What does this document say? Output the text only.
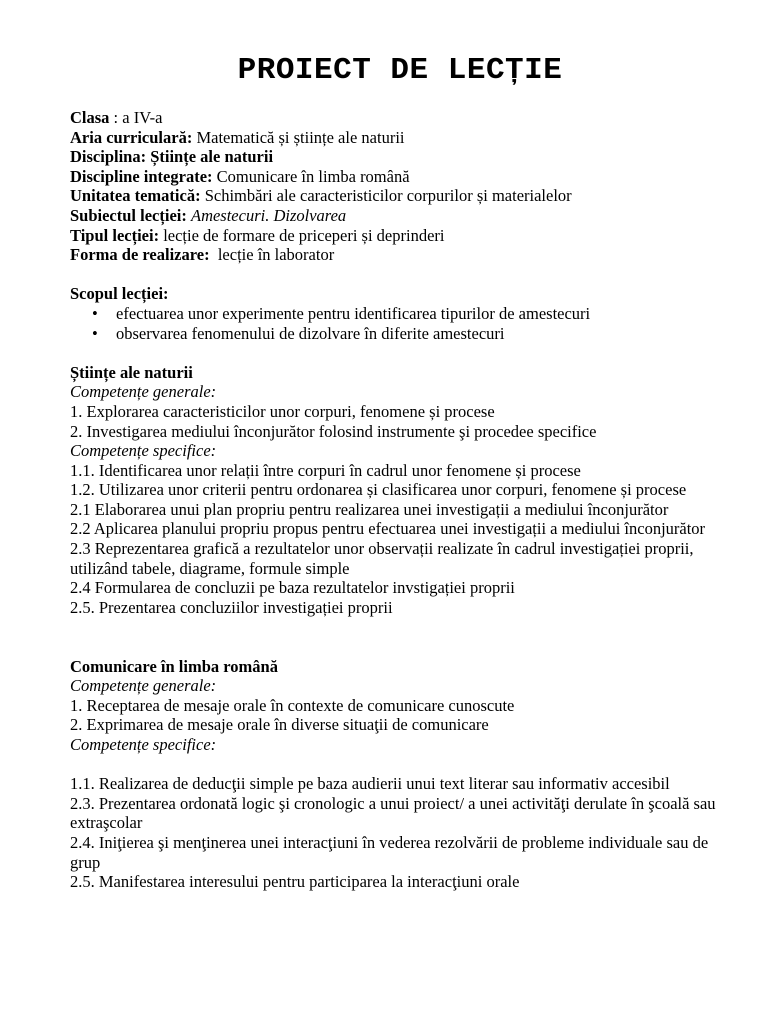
PROIECT DE LECȚIE
Clasa : a IV-a
Aria curriculară: Matematică și științe ale naturii
Disciplina: Științe ale naturii
Discipline integrate: Comunicare în limba română
Unitatea tematică: Schimbări ale caracteristicilor corpurilor și materialelor
Subiectul lecției: Amestecuri. Dizolvarea
Tipul lecției: lecție de formare de priceperi și deprinderi
Forma de realizare: lecție în laborator
Scopul lecției:
• efectuarea unor experimente pentru identificarea tipurilor de amestecuri
• observarea fenomenului de dizolvare în diferite amestecuri
Științe ale naturii
Competențe generale:
1. Explorarea caracteristicilor unor corpuri, fenomene și procese
2. Investigarea mediului înconjurător folosind instrumente şi procedee specifice
Competențe specifice:
1.1. Identificarea unor relații între corpuri în cadrul unor fenomene și procese
1.2. Utilizarea unor criterii pentru ordonarea și clasificarea unor corpuri, fenomene și procese
2.1 Elaborarea unui plan propriu pentru realizarea unei investigații a mediului înconjurător
2.2 Aplicarea planului propriu propus pentru efectuarea unei investigații a mediului înconjurător
2.3 Reprezentarea grafică a rezultatelor unor observații realizate în cadrul investigației proprii, utilizând tabele, diagrame, formule simple
2.4 Formularea de concluzii pe baza rezultatelor invstigației proprii
2.5. Prezentarea concluziilor investigației proprii
Comunicare în limba română
Competențe generale:
1. Receptarea de mesaje orale în contexte de comunicare cunoscute
2. Exprimarea de mesaje orale în diverse situaţii de comunicare
Competențe specifice:
1.1. Realizarea de deducţii simple pe baza audierii unui text literar sau informativ accesibil
2.3. Prezentarea ordonată logic şi cronologic a unui proiect/ a unei activităţi derulate în şcoală sau extraşcolar
2.4. Iniţierea şi menţinerea unei interacţiuni în vederea rezolvării de probleme individuale sau de grup
2.5. Manifestarea interesului pentru participarea la interacţiuni orale
